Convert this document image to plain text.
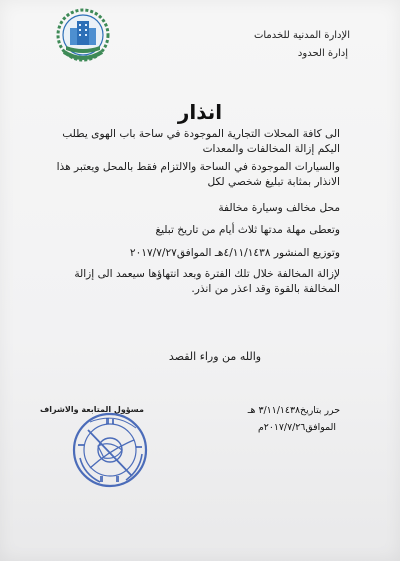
الإدارة المدنية للخدمات
إدارة الحدود
انذار
الى كافة المحلات التجارية الموجودة في ساحة باب الهوى يطلب اليكم إزالة المخالفات والمعدات
والسيارات الموجودة في الساحة والالتزام فقط بالمحل ويعتبر هذا الانذار بمثابة تبليغ شخصي لكل
محل مخالف وسيارة مخالفة
وتعطى مهلة مدتها ثلاث أيام من تاريخ تبليغ
وتوزيع المنشور ٤/١١/١٤٣٨هـ الموافق٢٠١٧/٧/٢٧
لإزالة المخالفة خلال تلك الفترة وبعد انتهاؤها سيعمد الى إزالة المخالفة بالقوة وقد اعذر من انذر.
والله من وراء القصد
مسؤول المتابعة والاشراف	حرر بتاريخ٣/١١/١٤٣٨ هـ
الموافق٢٠١٧/٧/٢٦م
